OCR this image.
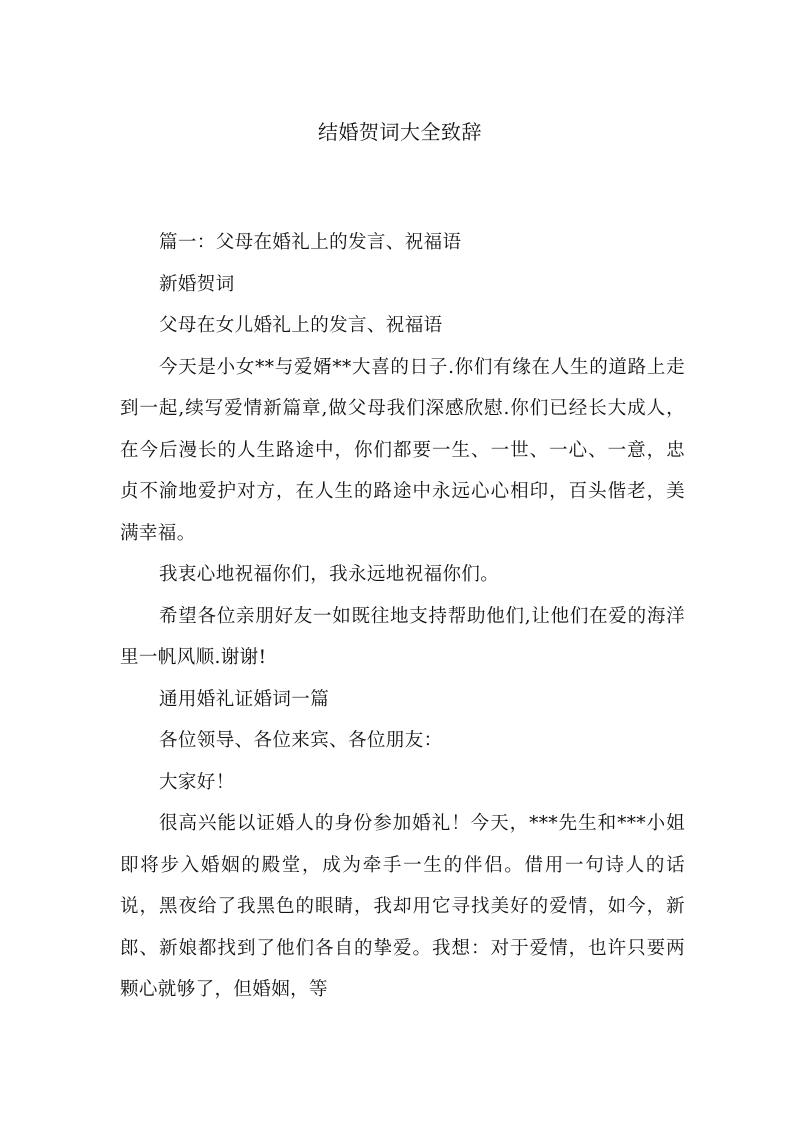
结婚贺词大全致辞

篇一：父母在婚礼上的发言、祝福语

新婚贺词

父母在女儿婚礼上的发言、祝福语

今天是小女**与爱婿**大喜的日子.你们有缘在人生的道路上走到一起,续写爱情新篇章,做父母我们深感欣慰.你们已经长大成人，在今后漫长的人生路途中，你们都要一生、一世、一心、一意，忠贞不渝地爱护对方，在人生的路途中永远心心相印，百头偕老，美满幸福。

我衷心地祝福你们，我永远地祝福你们。

希望各位亲朋好友一如既往地支持帮助他们,让他们在爱的海洋里一帆风顺.谢谢!

通用婚礼证婚词一篇

各位领导、各位来宾、各位朋友：

大家好！

很高兴能以证婚人的身份参加婚礼！今天，***先生和***小姐即将步入婚姻的殿堂，成为牵手一生的伴侣。借用一句诗人的话说，黑夜给了我黑色的眼睛，我却用它寻找美好的爱情，如今，新郎、新娘都找到了他们各自的挚爱。我想：对于爱情，也许只要两颗心就够了，但婚姻，等
